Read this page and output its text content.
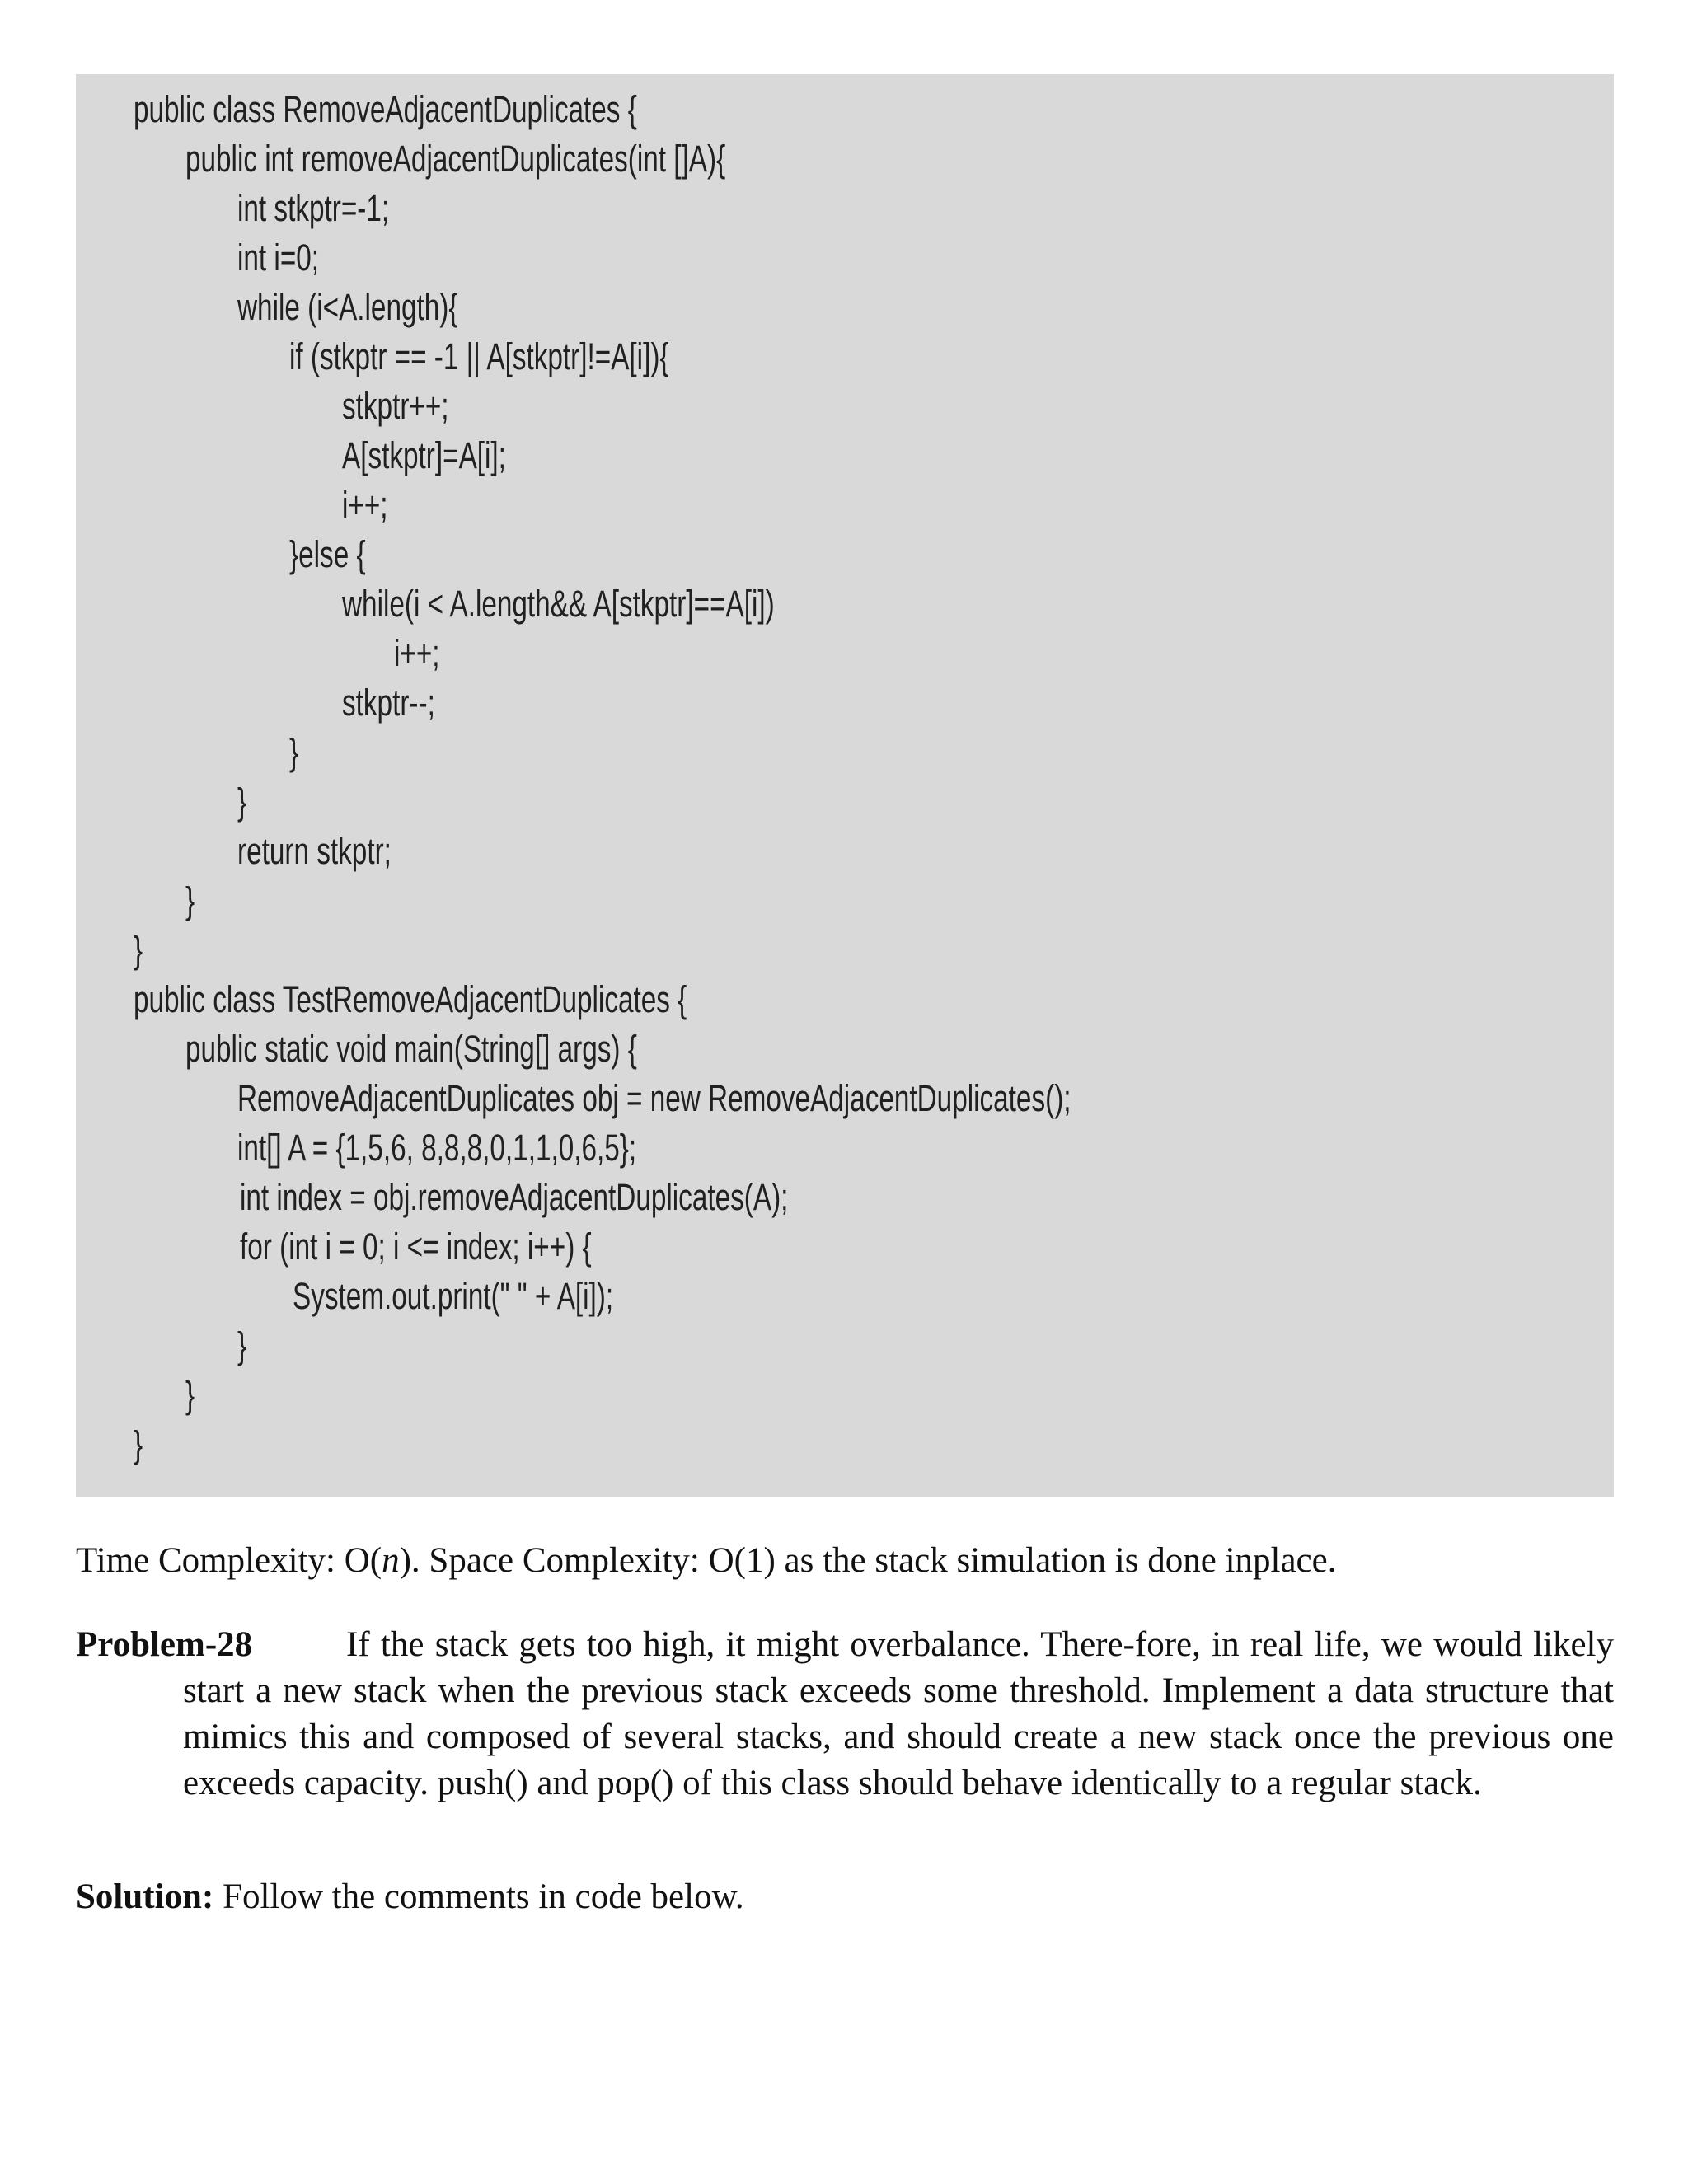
public class RemoveAdjacentDuplicates {
public int removeAdjacentDuplicates(int []A){
int stkptr=-1;
int i=0;
while (i<A.length){
if (stkptr == -1 || A[stkptr]!=A[i]){
stkptr++;
A[stkptr]=A[i];
i++;
}else {
while(i < A.length&& A[stkptr]==A[i])
i++;
stkptr--;
}
}
return stkptr;
}
}
public class TestRemoveAdjacentDuplicates {
public static void main(String[] args) {
RemoveAdjacentDuplicates obj = new RemoveAdjacentDuplicates();
int[] A = {1,5,6, 8,8,8,0,1,1,0,6,5};
int index = obj.removeAdjacentDuplicates(A);
for (int i = 0; i <= index; i++) {
System.out.print(" " + A[i]);
}
}
}
Time Complexity: O(n). Space Complexity: O(1) as the stack simulation is done inplace.
Problem-28	If the stack gets too high, it might overbalance. There-fore, in real life, we would likely start a new stack when the previous stack exceeds some threshold. Implement a data structure that mimics this and composed of several stacks, and should create a new stack once the previous one exceeds capacity. push() and pop() of this class should behave identically to a regular stack.
Solution: Follow the comments in code below.
